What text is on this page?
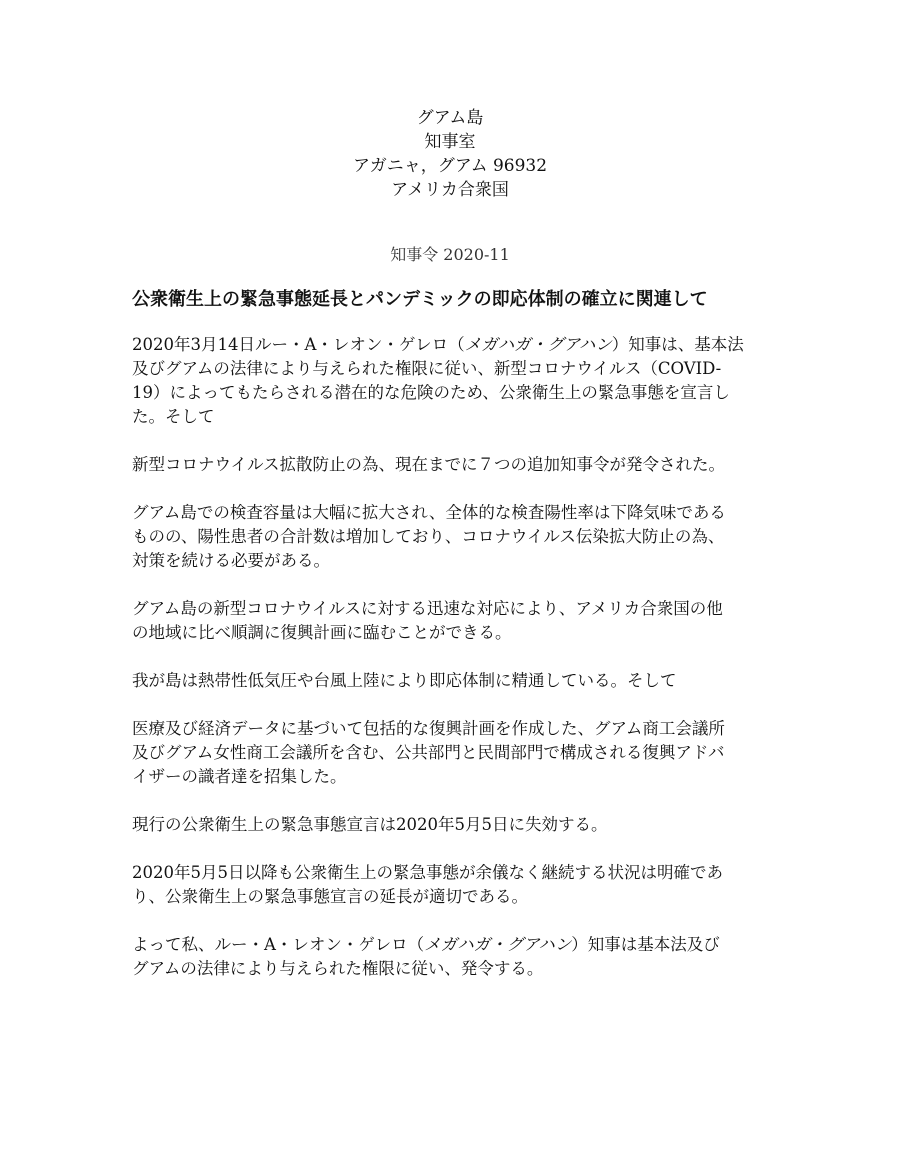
グアム島
知事室
アガニャ，グアム 96932
アメリカ合衆国
知事令 2020-11
公衆衛生上の緊急事態延長とパンデミックの即応体制の確立に関連して
2020年3月14日ルー・A・レオン・ゲレロ（メガハガ・グアハン）知事は、基本法
及びグアムの法律により与えられた権限に従い、新型コロナウイルス（COVID-
19）によってもたらされる潜在的な危険のため、公衆衛生上の緊急事態を宣言し
た。そして
新型コロナウイルス拡散防止の為、現在までに７つの追加知事令が発令された。
グアム島での検査容量は大幅に拡大され、全体的な検査陽性率は下降気味である
ものの、陽性患者の合計数は増加しており、コロナウイルス伝染拡大防止の為、
対策を続ける必要がある。
グアム島の新型コロナウイルスに対する迅速な対応により、アメリカ合衆国の他
の地域に比べ順調に復興計画に臨むことができる。
我が島は熱帯性低気圧や台風上陸により即応体制に精通している。そして
医療及び経済データに基づいて包括的な復興計画を作成した、グアム商工会議所
及びグアム女性商工会議所を含む、公共部門と民間部門で構成される復興アドバ
イザーの識者達を招集した。
現行の公衆衛生上の緊急事態宣言は2020年5月5日に失効する。
2020年5月5日以降も公衆衛生上の緊急事態が余儀なく継続する状況は明確であ
り、公衆衛生上の緊急事態宣言の延長が適切である。
よって私、ルー・A・レオン・ゲレロ（メガハガ・グアハン）知事は基本法及び
グアムの法律により与えられた権限に従い、発令する。
